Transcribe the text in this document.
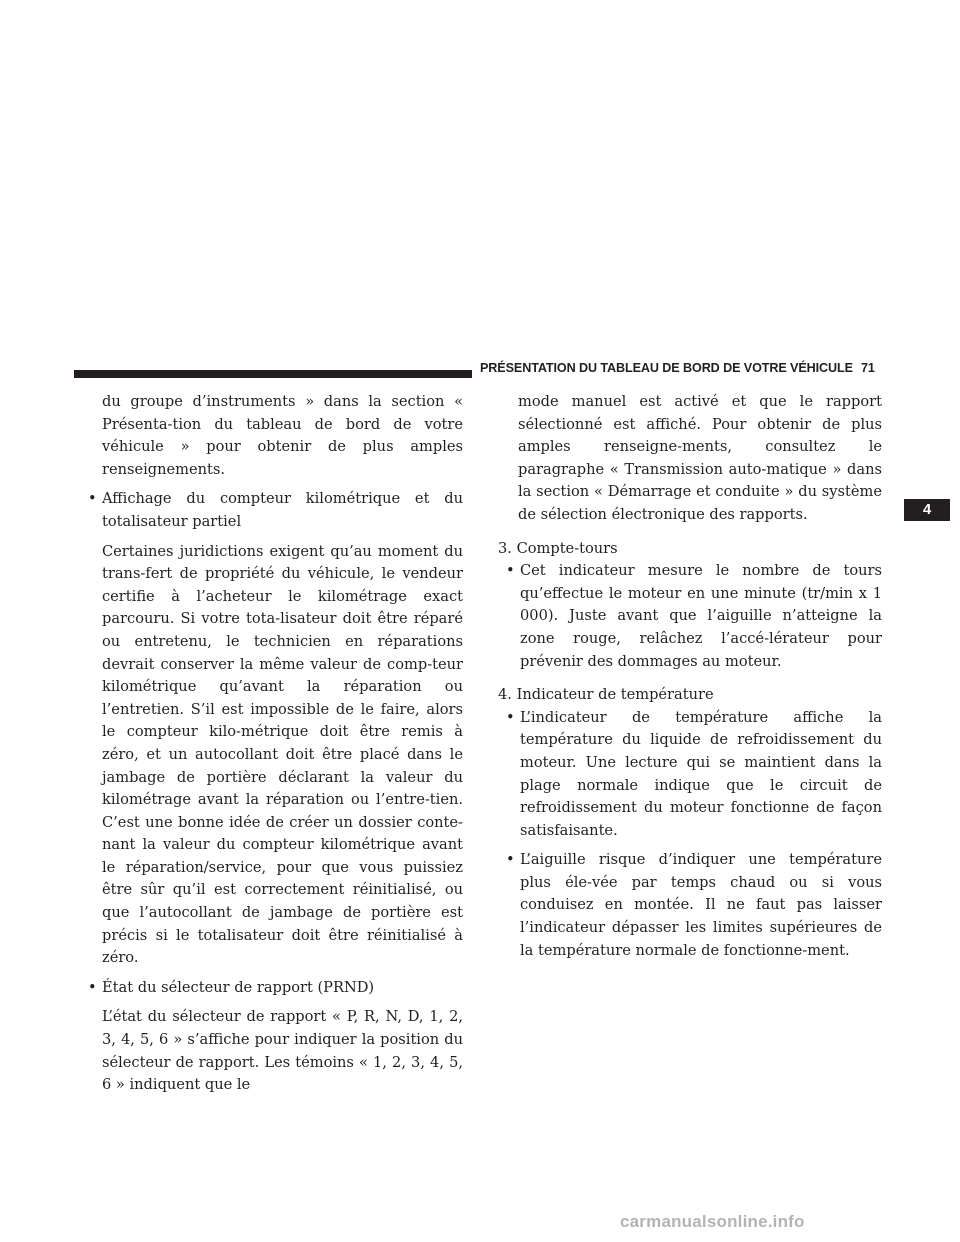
PRÉSENTATION DU TABLEAU DE BORD DE VOTRE VÉHICULE 71

du groupe d’instruments » dans la section « Présenta-tion du tableau de bord de votre véhicule » pour obtenir de plus amples renseignements.

• Affichage du compteur kilométrique et du totalisateur partiel

Certaines juridictions exigent qu’au moment du trans-fert de propriété du véhicule, le vendeur certifie à l’acheteur le kilométrage exact parcouru. Si votre tota-lisateur doit être réparé ou entretenu, le technicien en réparations devrait conserver la même valeur de comp-teur kilométrique qu’avant la réparation ou l’entretien. S’il est impossible de le faire, alors le compteur kilo-métrique doit être remis à zéro, et un autocollant doit être placé dans le jambage de portière déclarant la valeur du kilométrage avant la réparation ou l’entre-tien. C’est une bonne idée de créer un dossier conte-nant la valeur du compteur kilométrique avant le réparation/service, pour que vous puissiez être sûr qu’il est correctement réinitialisé, ou que l’autocollant de jambage de portière est précis si le totalisateur doit être réinitialisé à zéro.

• État du sélecteur de rapport (PRND)

L’état du sélecteur de rapport « P, R, N, D, 1, 2, 3, 4, 5, 6 » s’affiche pour indiquer la position du sélecteur de rapport. Les témoins « 1, 2, 3, 4, 5, 6 » indiquent que le

mode manuel est activé et que le rapport sélectionné est affiché. Pour obtenir de plus amples renseigne-ments, consultez le paragraphe « Transmission auto-matique » dans la section « Démarrage et conduite » du système de sélection électronique des rapports.

3. Compte-tours

• Cet indicateur mesure le nombre de tours qu’effectue le moteur en une minute (tr/min x 1 000). Juste avant que l’aiguille n’atteigne la zone rouge, relâchez l’accé-lérateur pour prévenir des dommages au moteur.

4. Indicateur de température

• L’indicateur de température affiche la température du liquide de refroidissement du moteur. Une lecture qui se maintient dans la plage normale indique que le circuit de refroidissement du moteur fonctionne de façon satisfaisante.

• L’aiguille risque d’indiquer une température plus éle-vée par temps chaud ou si vous conduisez en montée. Il ne faut pas laisser l’indicateur dépasser les limites supérieures de la température normale de fonctionne-ment.

4
carmanualsonline.info
